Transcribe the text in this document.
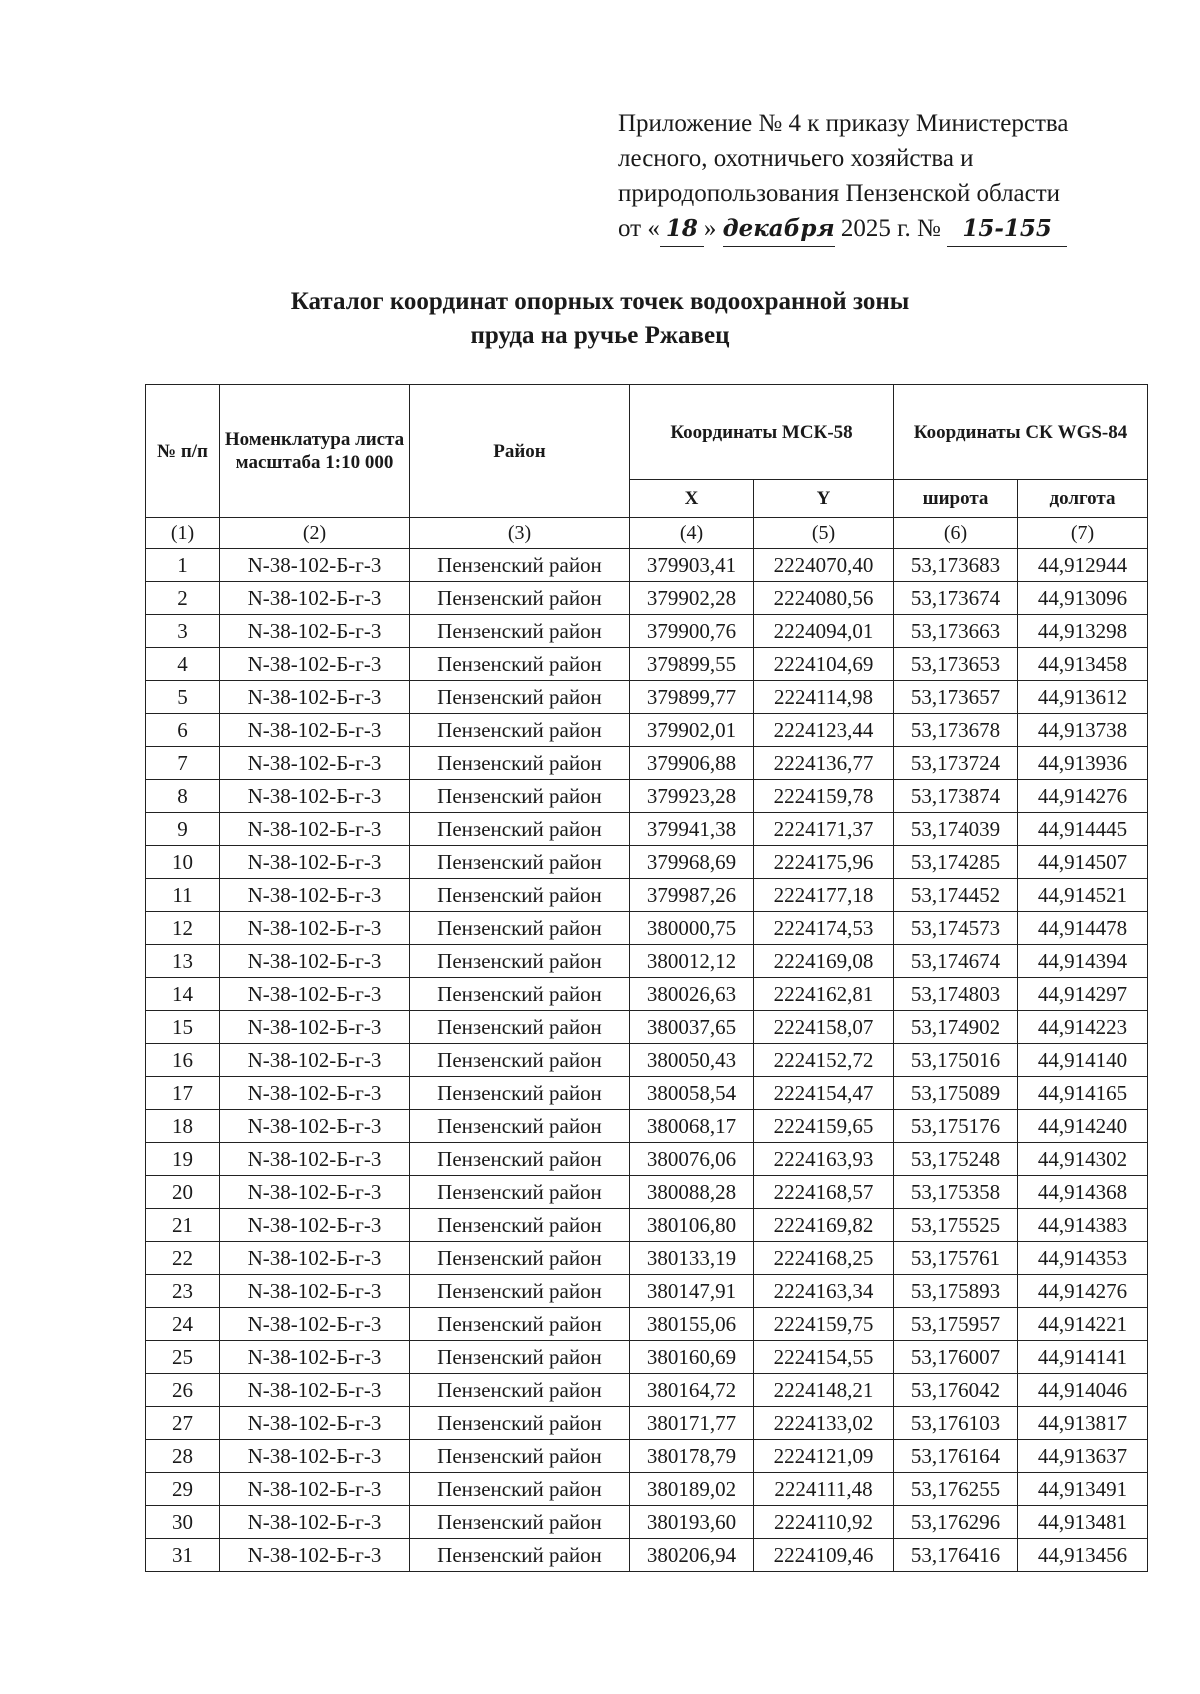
Приложение № 4 к приказу Министерства
лесного, охотничьего хозяйства и
природопользования Пензенской области
от « 18 » декабря 2025 г. № 15-155
Каталог координат опорных точек водоохранной зоны
пруда на ручье Ржавец
№ п/п	Номенклатура листа масштаба 1:10 000	Район	Координаты МСК-58		Координаты СК WGS-84	
			X	Y	широта	долгота
(1)	(2)	(3)	(4)	(5)	(6)	(7)
1	N-38-102-Б-г-3	Пензенский район	379903,41	2224070,40	53,173683	44,912944
2	N-38-102-Б-г-3	Пензенский район	379902,28	2224080,56	53,173674	44,913096
3	N-38-102-Б-г-3	Пензенский район	379900,76	2224094,01	53,173663	44,913298
4	N-38-102-Б-г-3	Пензенский район	379899,55	2224104,69	53,173653	44,913458
5	N-38-102-Б-г-3	Пензенский район	379899,77	2224114,98	53,173657	44,913612
6	N-38-102-Б-г-3	Пензенский район	379902,01	2224123,44	53,173678	44,913738
7	N-38-102-Б-г-3	Пензенский район	379906,88	2224136,77	53,173724	44,913936
8	N-38-102-Б-г-3	Пензенский район	379923,28	2224159,78	53,173874	44,914276
9	N-38-102-Б-г-3	Пензенский район	379941,38	2224171,37	53,174039	44,914445
10	N-38-102-Б-г-3	Пензенский район	379968,69	2224175,96	53,174285	44,914507
11	N-38-102-Б-г-3	Пензенский район	379987,26	2224177,18	53,174452	44,914521
12	N-38-102-Б-г-3	Пензенский район	380000,75	2224174,53	53,174573	44,914478
13	N-38-102-Б-г-3	Пензенский район	380012,12	2224169,08	53,174674	44,914394
14	N-38-102-Б-г-3	Пензенский район	380026,63	2224162,81	53,174803	44,914297
15	N-38-102-Б-г-3	Пензенский район	380037,65	2224158,07	53,174902	44,914223
16	N-38-102-Б-г-3	Пензенский район	380050,43	2224152,72	53,175016	44,914140
17	N-38-102-Б-г-3	Пензенский район	380058,54	2224154,47	53,175089	44,914165
18	N-38-102-Б-г-3	Пензенский район	380068,17	2224159,65	53,175176	44,914240
19	N-38-102-Б-г-3	Пензенский район	380076,06	2224163,93	53,175248	44,914302
20	N-38-102-Б-г-3	Пензенский район	380088,28	2224168,57	53,175358	44,914368
21	N-38-102-Б-г-3	Пензенский район	380106,80	2224169,82	53,175525	44,914383
22	N-38-102-Б-г-3	Пензенский район	380133,19	2224168,25	53,175761	44,914353
23	N-38-102-Б-г-3	Пензенский район	380147,91	2224163,34	53,175893	44,914276
24	N-38-102-Б-г-3	Пензенский район	380155,06	2224159,75	53,175957	44,914221
25	N-38-102-Б-г-3	Пензенский район	380160,69	2224154,55	53,176007	44,914141
26	N-38-102-Б-г-3	Пензенский район	380164,72	2224148,21	53,176042	44,914046
27	N-38-102-Б-г-3	Пензенский район	380171,77	2224133,02	53,176103	44,913817
28	N-38-102-Б-г-3	Пензенский район	380178,79	2224121,09	53,176164	44,913637
29	N-38-102-Б-г-3	Пензенский район	380189,02	2224111,48	53,176255	44,913491
30	N-38-102-Б-г-3	Пензенский район	380193,60	2224110,92	53,176296	44,913481
31	N-38-102-Б-г-3	Пензенский район	380206,94	2224109,46	53,176416	44,913456
